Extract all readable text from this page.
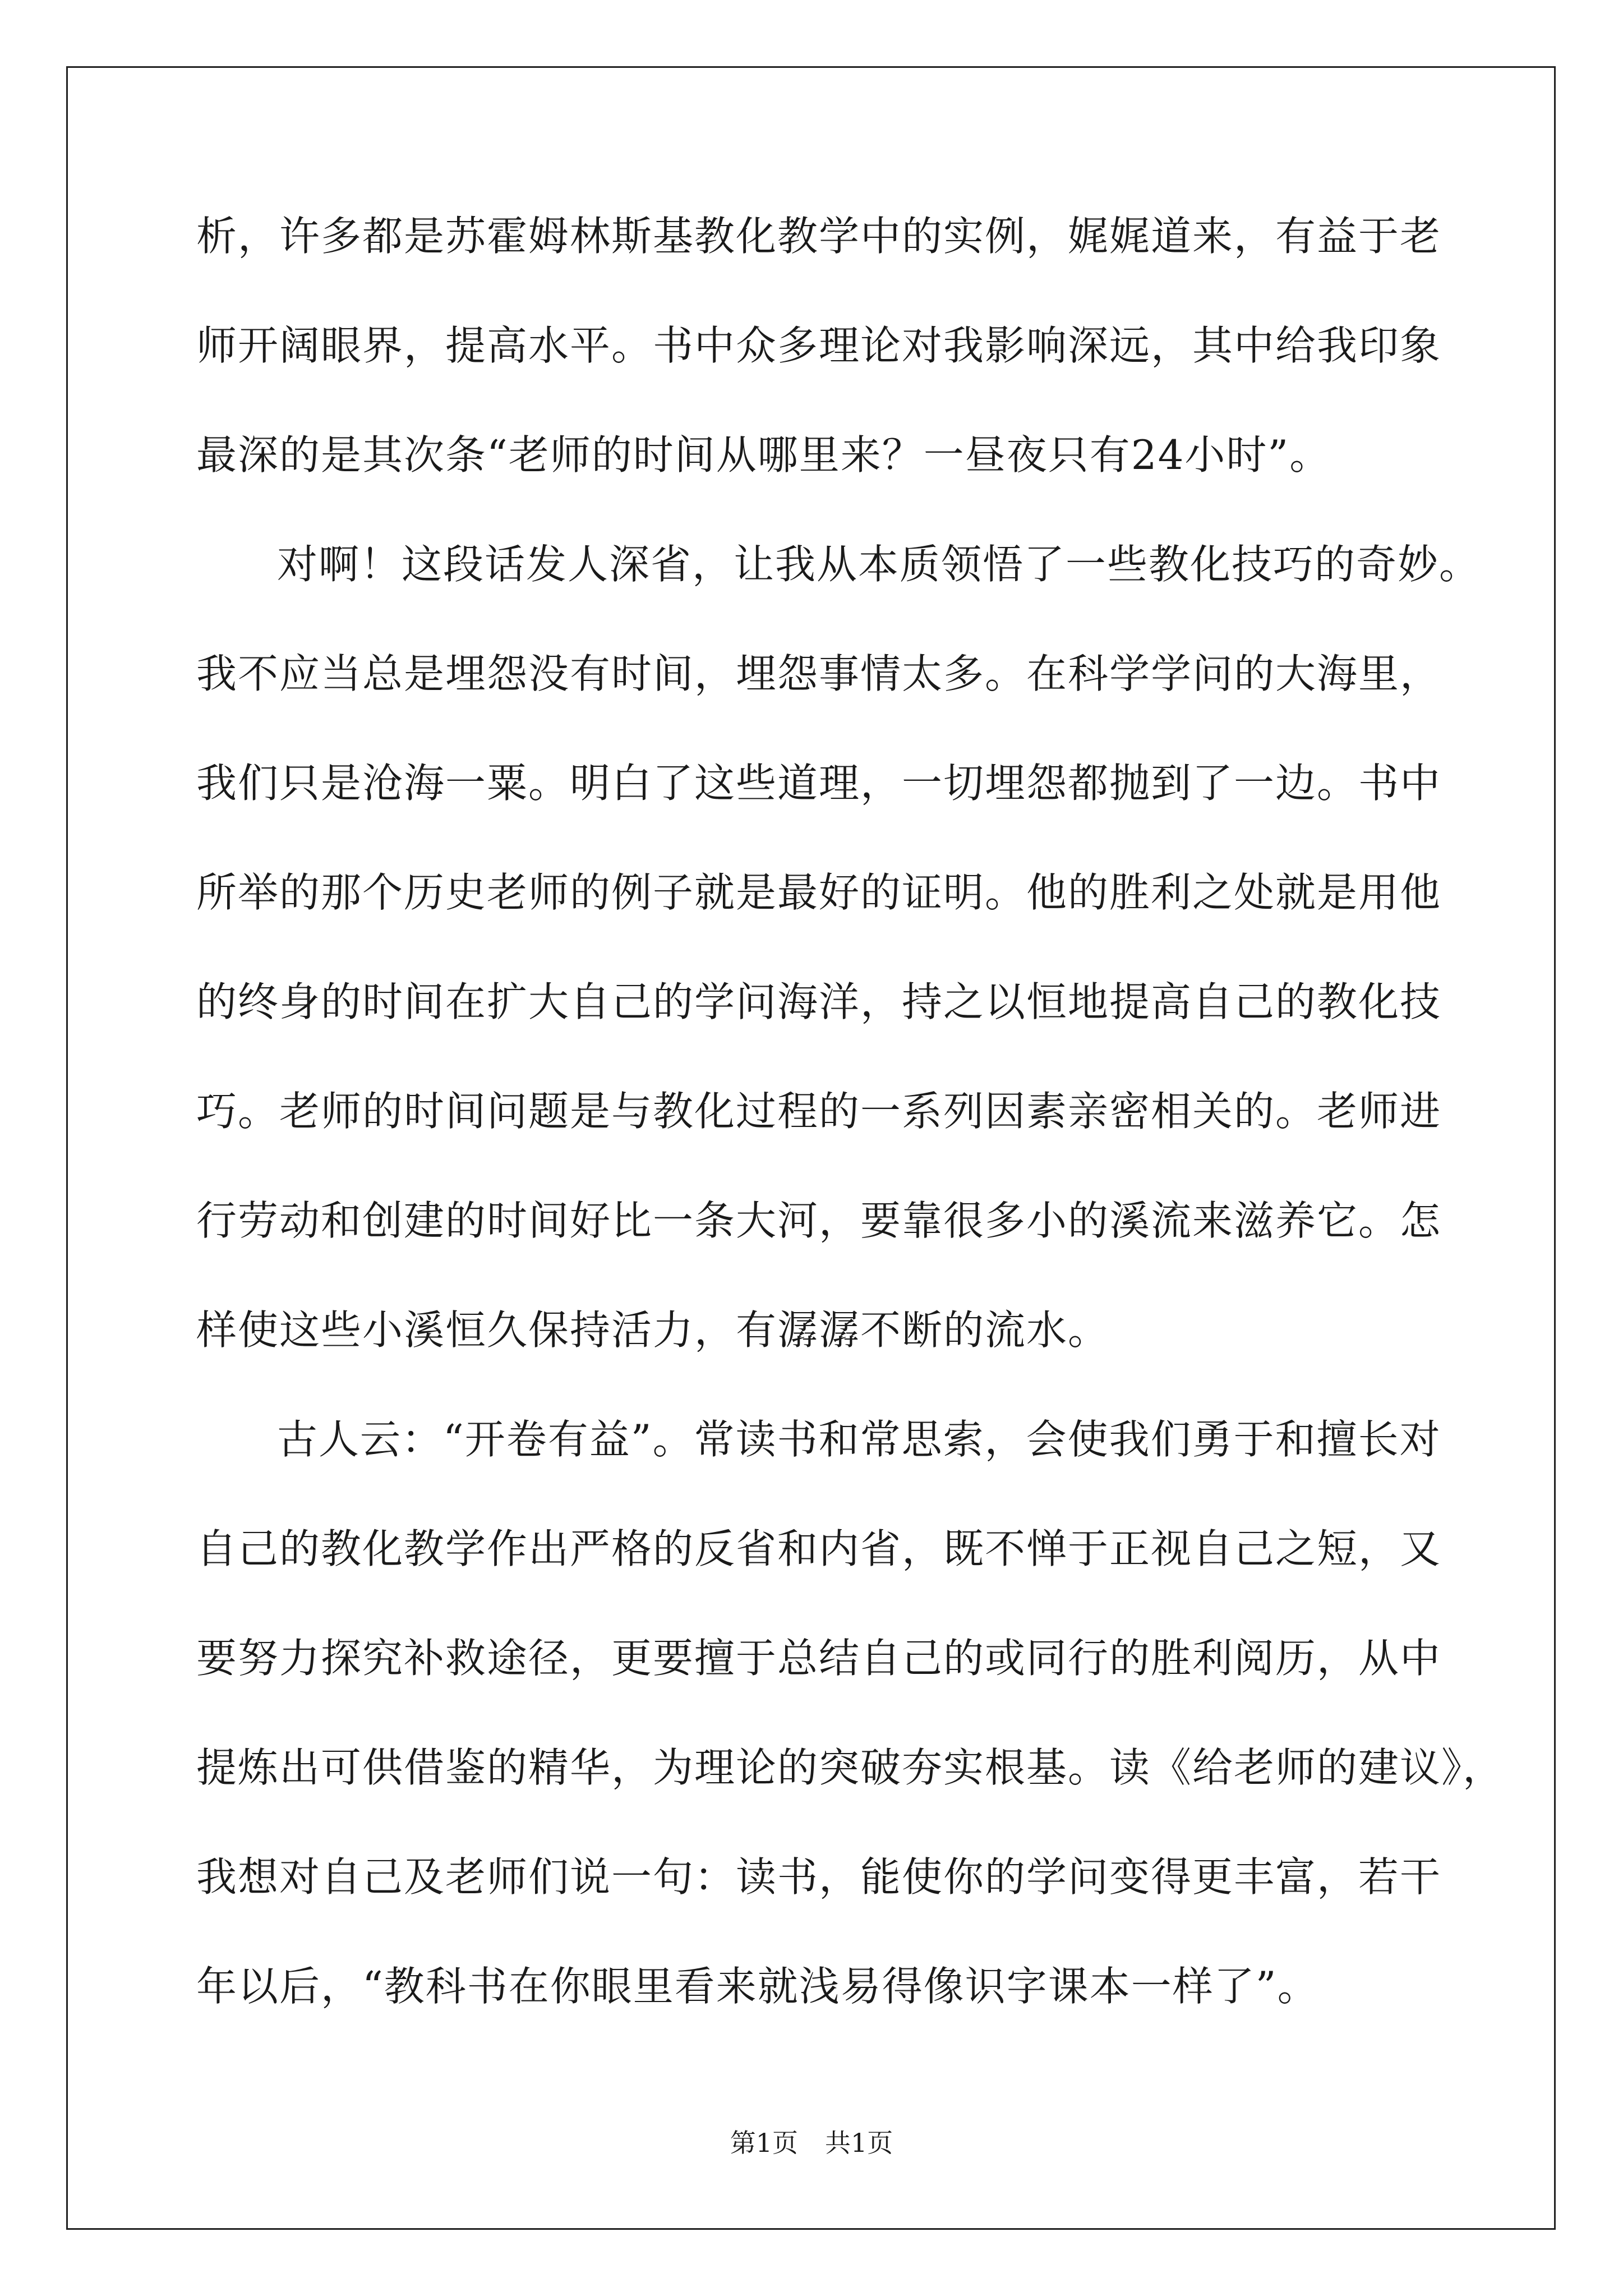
析，许多都是苏霍姆林斯基教化教学中的实例，娓娓道来，有益于老
师开阔眼界，提高水平。书中众多理论对我影响深远，其中给我印象
最深的是其次条“老师的时间从哪里来？一昼夜只有24小时”。
对啊！这段话发人深省，让我从本质领悟了一些教化技巧的奇妙。
我不应当总是埋怨没有时间，埋怨事情太多。在科学学问的大海里，
我们只是沧海一粟。明白了这些道理，一切埋怨都抛到了一边。书中
所举的那个历史老师的例子就是最好的证明。他的胜利之处就是用他
的终身的时间在扩大自己的学问海洋，持之以恒地提高自己的教化技
巧。老师的时间问题是与教化过程的一系列因素亲密相关的。老师进
行劳动和创建的时间好比一条大河，要靠很多小的溪流来滋养它。怎
样使这些小溪恒久保持活力，有潺潺不断的流水。
古人云：“开卷有益”。常读书和常思索，会使我们勇于和擅长对
自己的教化教学作出严格的反省和内省，既不惮于正视自己之短，又
要努力探究补救途径，更要擅于总结自己的或同行的胜利阅历，从中
提炼出可供借鉴的精华，为理论的突破夯实根基。读《给老师的建议》，
我想对自己及老师们说一句：读书，能使你的学问变得更丰富，若干
年以后，“教科书在你眼里看来就浅易得像识字课本一样了”。
第1页 共1页
